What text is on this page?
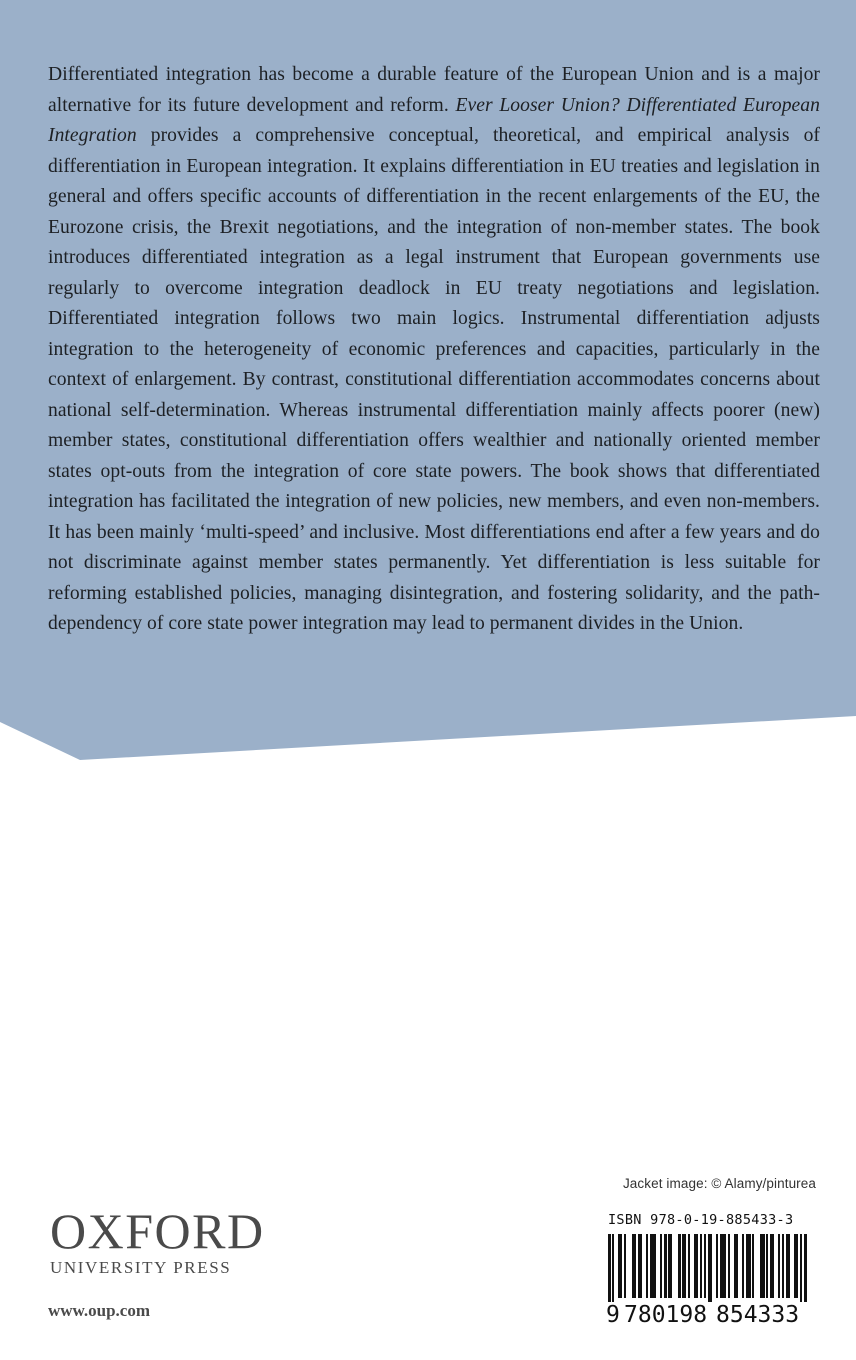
Differentiated integration has become a durable feature of the European Union and is a major alternative for its future development and reform. Ever Looser Union? Differentiated European Integration provides a comprehensive conceptual, theoretical, and empirical analysis of differentiation in European integration. It explains differentiation in EU treaties and legislation in general and offers specific accounts of differentiation in the recent enlargements of the EU, the Eurozone crisis, the Brexit negotiations, and the integration of non-member states. The book introduces differentiated integration as a legal instrument that European governments use regularly to overcome integration deadlock in EU treaty negotiations and legislation. Differentiated integration follows two main logics. Instrumental differentiation adjusts integration to the heterogeneity of economic preferences and capacities, particularly in the context of enlargement. By contrast, constitutional differentiation accommodates concerns about national self-determination. Whereas instrumental differentiation mainly affects poorer (new) member states, constitutional differentiation offers wealthier and nationally oriented member states opt-outs from the integration of core state powers. The book shows that differentiated integration has facilitated the integration of new policies, new members, and even non-members. It has been mainly ‘multi-speed’ and inclusive. Most differentiations end after a few years and do not discriminate against member states permanently. Yet differentiation is less suitable for reforming established policies, managing disintegration, and fostering solidarity, and the path-dependency of core state power integration may lead to permanent divides in the Union.

Jacket image: © Alamy/pinturea
OXFORD
UNIVERSITY PRESS
www.oup.com
ISBN 978-0-19-885433-3
9 780198 854333
